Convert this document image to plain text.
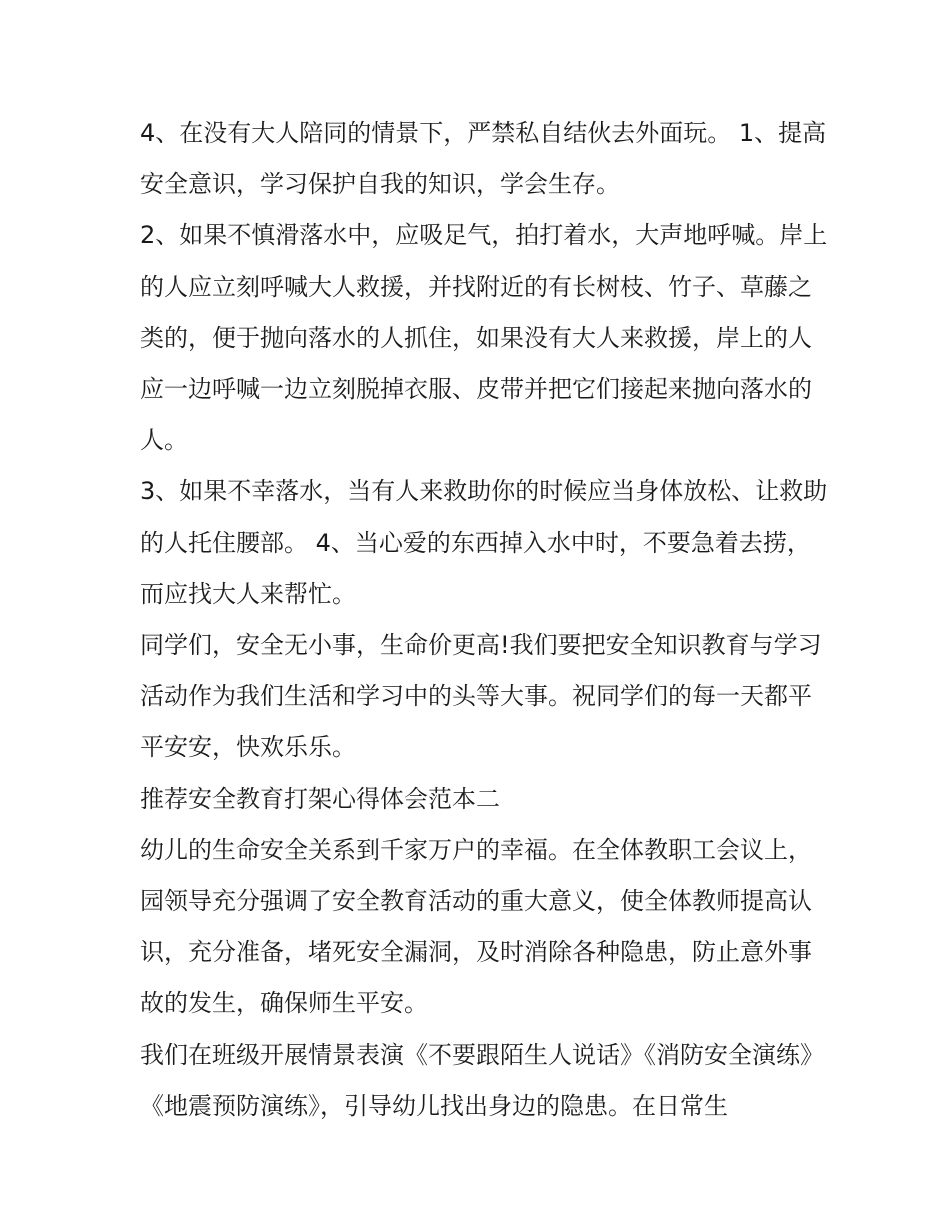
4、在没有大人陪同的情景下，严禁私自结伙去外面玩。 1、提高安全意识，学习保护自我的知识，学会生存。

2、如果不慎滑落水中，应吸足气，拍打着水，大声地呼喊。岸上的人应立刻呼喊大人救援，并找附近的有长树枝、竹子、草藤之类的，便于抛向落水的人抓住，如果没有大人来救援，岸上的人应一边呼喊一边立刻脱掉衣服、皮带并把它们接起来抛向落水的人。

3、如果不幸落水，当有人来救助你的时候应当身体放松、让救助的人托住腰部。 4、当心爱的东西掉入水中时，不要急着去捞，而应找大人来帮忙。

同学们，安全无小事，生命价更高!我们要把安全知识教育与学习活动作为我们生活和学习中的头等大事。祝同学们的每一天都平平安安，快欢乐乐。

推荐安全教育打架心得体会范本二

幼儿的生命安全关系到千家万户的幸福。在全体教职工会议上，园领导充分强调了安全教育活动的重大意义，使全体教师提高认识，充分准备，堵死安全漏洞，及时消除各种隐患，防止意外事故的发生，确保师生平安。

我们在班级开展情景表演《不要跟陌生人说话》《消防安全演练》《地震预防演练》，引导幼儿找出身边的隐患。在日常生
